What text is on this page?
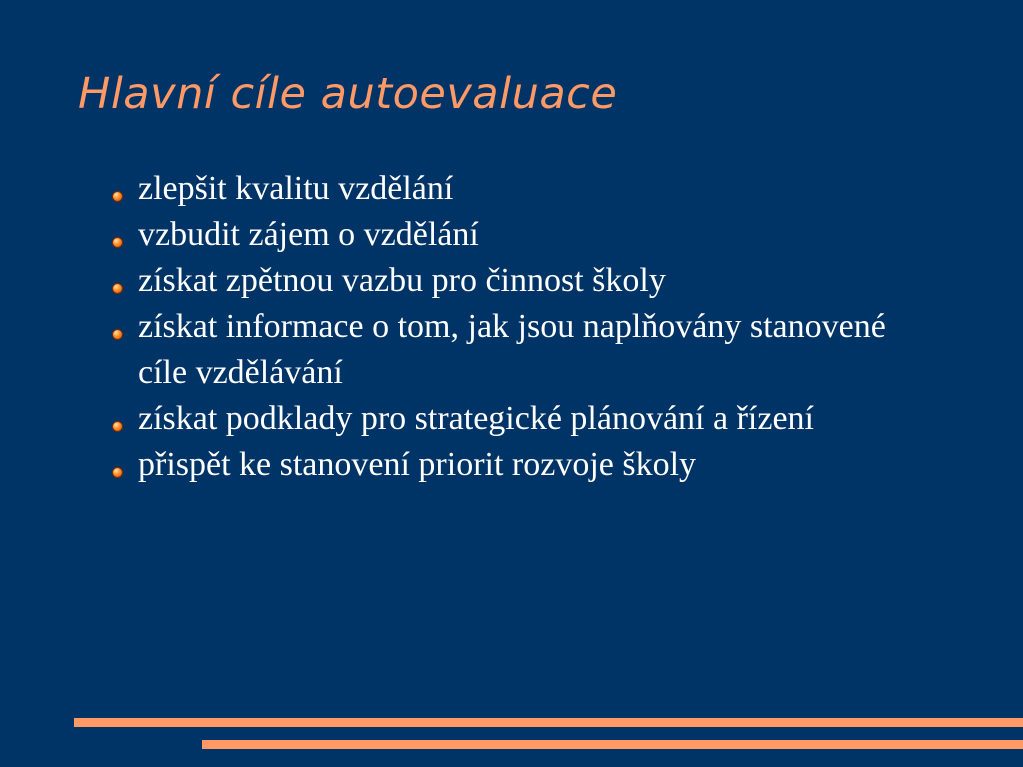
Hlavní cíle autoevaluace
zlepšit kvalitu vzdělání
vzbudit zájem o vzdělání
získat zpětnou vazbu pro činnost školy
získat informace o tom, jak jsou naplňovány stanovené cíle vzdělávání
získat podklady pro strategické plánování a řízení
přispět ke stanovení priorit rozvoje školy
